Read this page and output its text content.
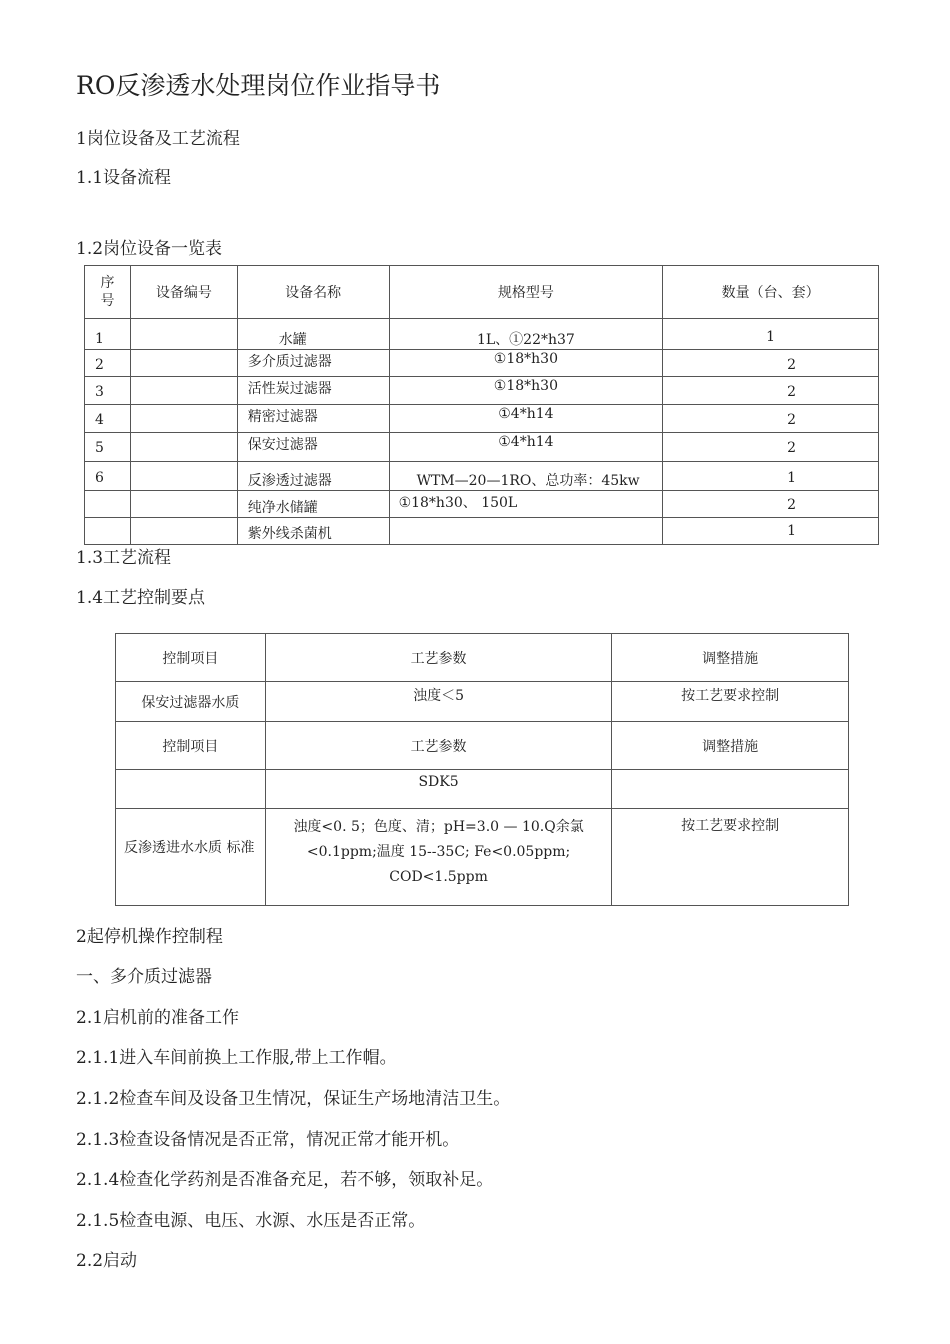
RO反渗透水处理岗位作业指导书
1岗位设备及工艺流程
1.1设备流程
1.2岗位设备一览表
序
号	设备编号	设备名称	规格型号	数量（台、套）
1		水罐	1L、①22*h37	1
2		多介质过滤器	①18*h30	2
3		活性炭过滤器	①18*h30	2
4		精密过滤器	①4*h14	2
5		保安过滤器	①4*h14	2
6		反渗透过滤器	WTM—20—1RO、总功率：45kw	1
		纯净水储罐	①18*h30、 150L	2
		紫外线杀菌机		1
1.3工艺流程
1.4工艺控制要点
控制项目	工艺参数	调整措施
保安过滤器水质	浊度＜5	按工艺要求控制
控制项目	工艺参数	调整措施
	SDK5	
反渗透进水水质 标准	浊度<0. 5；色度、清；pH=3.0 — 10.Q余氯
<0.1ppm;温度 15--35C; Fe<0.05ppm;
COD<1.5ppm	按工艺要求控制
2起停机操作控制程
一、多介质过滤器
2.1启机前的准备工作
2.1.1进入车间前换上工作服,带上工作帽。
2.1.2检查车间及设备卫生情况，保证生产场地清洁卫生。
2.1.3检查设备情况是否正常，情况正常才能开机。
2.1.4检查化学药剂是否准备充足，若不够，领取补足。
2.1.5检查电源、电压、水源、水压是否正常。
2.2启动
